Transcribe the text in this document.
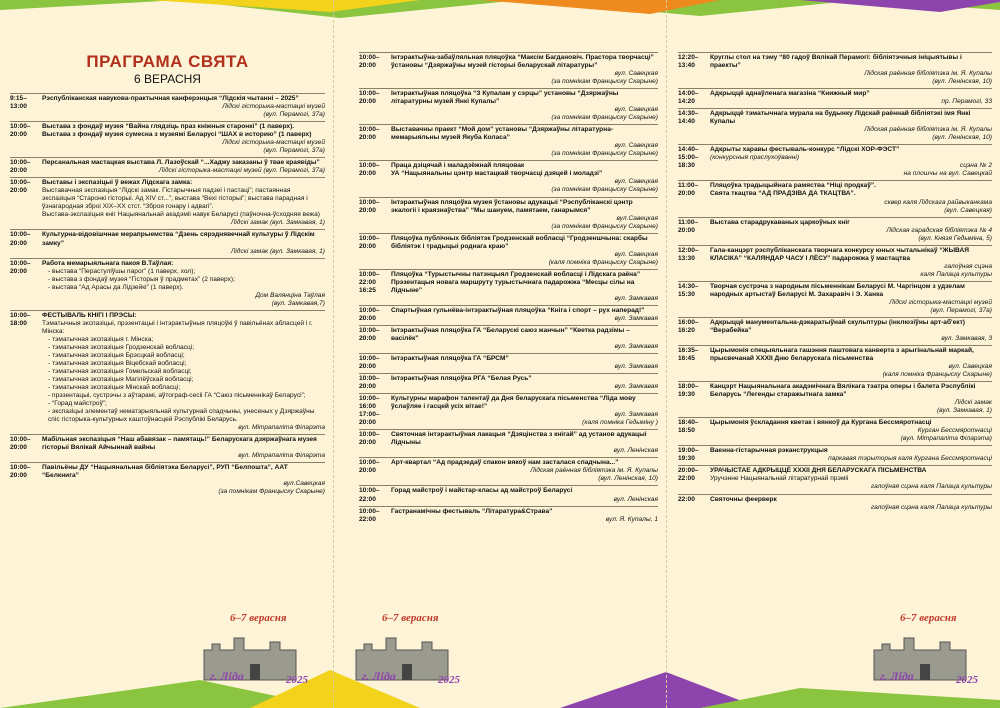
ПРАГРАМА СВЯТА
6 ВЕРАСНЯ
9:15–
13:00
Рэспубліканская навукова-практычная канферэнцыя “Лідскія чытанні – 2025”
Лідскі гісторыка-мастацкі музей
(вул. Перамогі, 37а)
10:00–
20:00
Выстава з фондаў музея “Вайна глядзіць праз кніжныя старонкі” (1 паверх).
Выстава з фондаў музея сумесна з музеямі Беларусі “ШАХ в историю” (1 паверх)
Лідскі гісторыка-мастацкі музей
(вул. Перамогі, 37а)
10:00–
20:00
Персанальная мастацкая выстава Л. Лазоўскай “...Хаджу заказаны ў твае краявіды”
Лідскі гісторыка-мастацкі музей (вул. Перамогі, 37а)
10:00–
20:00
Выставы і экспазіцыі ў вежах Лідскага замка:
Выставачная экспазіцыя “Лідскі замак. Гістарычныя падзеі і пастаці”; пастаянная экспазіцыя “Старонкі гісторыі. Ад XIV ст...”; выстава “Вехі гісторыі”; выстава парадная і ўзнагародная зброі XIX–XX стст. “Зброя гонару і адвагі”.
Выстава-экспазіцыя кніг Нацыянальнай акадэміі навук Беларусі (паўночна-ўсходняя вежа)
Лідскі замак (вул. Замкавая, 1)
10:00–
20:00
Культурна-відовішчнае мерапрыемства “Дзень сярэднявечнай культуры ў Лідскім замку”
Лідскі замак (вул. Замкавая, 1)
10:00–
20:00
Работа мемарыяльнага пакоя В.Таўлая:
- выстава “Перастуліўшы парог” (1 паверх, хол);
- выстава з фондаў музея “Гісторыя ў прадметах” (2 паверх);
- выстава “Ад Арасы да Лідзейкі” (1 паверх).
Дом Валянціна Таўлая
(вул. Замкавая,7)
10:00–
18:00
ФЕСТЫВАЛЬ КНІГІ І ПРЭСЫ:
Тэматычныя экспазіцыі, прэзентацыі і інтэрактыўныя пляцоўкі ў павільёнах абласцей і г. Мінска:
- тэматычная экспазіцыя г. Мінска;
- тэматычная экспазіцыя Гродзенскай вобласці;
- тэматычная экспазіцыя Брэсцкай вобласці;
- тэматычная экспазіцыя Віцебскай вобласці;
- тэматычная экспазіцыя Гомельскай вобласці;
- тэматычная экспазіцыя Магілёўскай вобласці;
- тэматычная экспазіцыя Мінскай вобласці;
- прэзентацыі, сустрэчы з аўтарамі, аўтограф-сесіі ГА “Саюз пісьменнікаў Беларусі”;
- “Горад майстроў”;
- экспазіцыі элементаў нематэрыяльнай культурнай спадчыны, унесеных у Дзяржаўны спіс гісторыка-культурных каштоўнасцей Рэспублікі Беларусь.
вул. Мітрапаліта Філарэта
10:00–
20:00
Мабільная экспазіцыя “Наш абавязак – памятаць!” Беларускага дзяржаўнага музея гісторыі Вялікай Айчыннай вайны
вул. Мітрапаліта Філарэта
10:00–
20:00
Павільёны ДУ “Нацыянальная бібліятэка Беларусі”, РУП “Белпошта”, ААТ “Белкнига”
вул.Савецкая
(за помнікам Францыску Скарыне)
10:00–
20:00
Інтэрактыўна-забаўляльная пляцоўка “Максім Багдановіч. Прастора творчасці” ўстановы “Дзяржаўны музей гісторыі беларускай літаратуры”
вул. Савецкая
(за помнікам Францыску Скарыне)
10:00–
20:00
Інтэрактыўная пляцоўка “З Купалам у сэрцы” установы “Дзяржаўны літаратурны музей Янкі Купалы”
вул. Савецкая
(за помнікам Францыску Скарыне)
10:00–
20:00
Выставачны праект “Мой дом” установы “Дзяржаўны літаратурна-мемарыяльны музей Якуба Коласа”
вул. Савецкая
(за помнікам Францыску Скарыне)
10:00–
20:00
Праца дзіцячай і маладзёжнай пляцовак
УА “Нацыянальны цэнтр мастацкай творчасці дзяцей і моладзі”
вул. Савецкая
(за помнікам Францыску Скарыне)
10:00–
20:00
Інтэрактыўная пляцоўка музея ўстановы адукацыі “Рэспубліканскі цэнтр экалогіі і краязнаўства” “Мы шануем, памятаем, ганарымся”
вул.Савецкая
(за помнікам Францыску Скарыне)
10:00–
20:00
Пляцоўка публічных бібліятэк Гродзенскай вобласці “Гродзеншчына: скарбы бібліятэк і традыцыі роднага краю”
вул. Савецкая
(каля помніка Францыску Скарыне)
10:00–
22:00
16:25
Пляцоўка “Турыстычны патэнцыял Гродзенскай вобласці і Лідскага раёна”
Прэзентацыя новага маршруту турыстычнага падарожжа “Месцы сілы на Лідчыне”
вул. Замкавая
10:00–
20:00
Спартыўная гульнёва-інтэрактыўная пляцоўка “Кніга і спорт – рух наперад!”
вул. Замкавая
10:00–
20:00
Інтэрактыўная пляцоўка ГА “Беларускі саюз жанчын” “Кветка радзімы – васілёк”
вул. Замкавая
10:00–
20:00
Інтэрактыўная пляцоўка ГА “БРСМ”
вул. Замкавая
10:00–
20:00
Інтэрактыўная пляцоўка РГА “Белая Русь”
вул. Замкавая
10:00–
16:00
17:00–
20:00
Культурны марафон талентаў да Дня беларускага пісьменства “Ліда мову ўслаўляе і гасцей усіх вітае!”
вул. Замкавая
(каля помніка Гедыміну )
10:00–
20:00
Святочная інтэрактыўная лакацыя “Дзяцінства з кнігай” ад установ адукацыі Лідчыны
вул. Ленінская
10:00–
20:00
Арт-квартал “Ад прадзедаў спакон вякоў нам засталася спадчына...”
Лідская раённая бібліятэка ім. Я. Купалы
(вул. Ленінская, 10)
10:00–
22:00
Горад майстроў і майстар-класы ад майстроў Беларусі
вул. Ленінская
10:00–
22:00
Гастранамічны фестываль “Літаратура&Страва”
вул. Я. Купалы, 1
12:20–
13:40
Круглы стол на тэму “80 гадоў Вялікай Перамогі: бібліятэчныя ініцыятывы і праекты”
Лідская раённая бібліятэка ім. Я. Купалы
(вул. Ленінская, 10)
14:00–
14:20
Адкрыццё аднаўленага магазіна “Книжный мир”
пр. Перамогі, 33
14:30–
14:40
Адкрыццё тэматычнага мурала на будынку Лідскай раённай бібліятэкі імя Янкі Купалы
Лідская раённая бібліятэка ім. Я. Купалы
(вул. Ленінская, 10)
14:40–
15:00–
18:30
Адкрыты харавы фестываль-конкурс “Лідскі ХОР-ФЭСТ”
(конкурсныя праслухоўванні)
сцэна № 2
на плошчы на вул. Савецкай
11:00–
20:00
Пляцоўка традыцыйнага рамяства “Ніці продкаў”.
Свята ткацтва “АД ПРАДЗІВА ДА ТКАЦТВА”.
сквер каля Лідскага райвыканкама
(вул. Савецкая)
11:00–
20:00
Выстава старадрукаваных царкоўных кніг
Лідская гарадская бібліятэка № 4
(вул. Князя Гедыміна, 5)
12:00–
13:30
Гала-канцэрт рэспубліканскага творчага конкурсу юных чытальнікаў “ЖЫВАЯ КЛАСІКА” “КАЛЯНДАР ЧАСУ І ЛЁСУ” падарожжа ў мастацтва
галоўная сцэна
каля Палаца культуры
14:30–
15:30
Творчая сустрэча з народным пісьменнікам Беларусі М. Чаргінцом з удзелам народных артыстаў Беларусі М. Захаравіч і Э. Ханка
Лідскі гісторыка-мастацкі музей
(вул. Перамогі, 37а)
16:00–
16:20
Адкрыццё манументальна-дэкаратыўнай скульптуры (інклюзіўны арт-аб'ект) “Верабейка”
вул. Замкавая, 3
16:35–
16:45
Цырымонія спецыяльнага гашэння паштовага канверта з арыгінальнай маркай, прысвечанай XXXII Дню беларускага пісьменства
вул. Савецкая
(каля помніка Францыску Скарыне)
18:00–
19:30
Канцэрт Нацыянальнага акадэмічнага Вялікага тэатра оперы і балета Рэспублікі Беларусь “Легенды старажытнага замка”
Лідскі замак
(вул. Замкавая, 1)
18:40–
18:50
Цырымонія ўскладання кветак і вянкоў да Кургана Бессмяротнасці
Курган Бессмяротнасці
(вул. Мітрапаліта Філарэта)
19:00–
19:30
Ваенна-гістарычная рэканструкцыя
паркавая тэрыторыя каля Кургана Бессмяротнасці
20:00–
22:00
УРАЧЫСТАЕ АДКРЫЦЦЁ XXXII ДНЯ БЕЛАРУСКАГА ПІСЬМЕНСТВА
Уручэнне Нацыянальнай літаратурнай прэміі
галоўная сцэна каля Палаца культуры
22:00	Святочны феерверк
галоўная сцэна каля Палаца культуры
6–7 верасня
г. Ліда	2025
6–7 верасня
г. Ліда	2025
6–7 верасня
г. Ліда	2025
